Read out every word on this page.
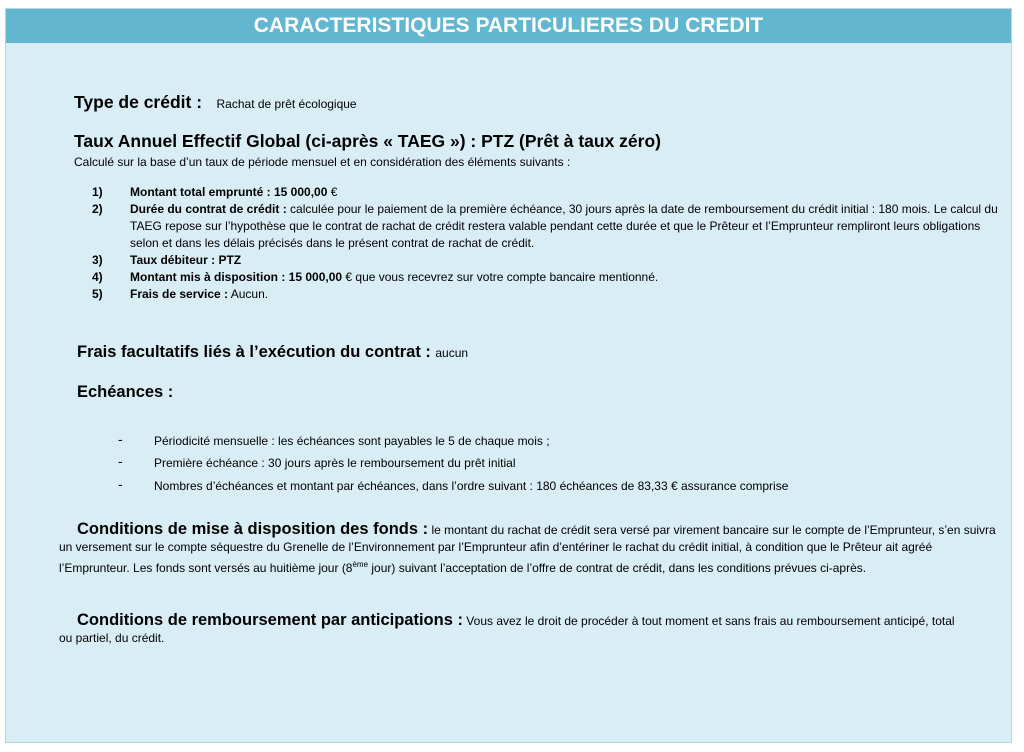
CARACTERISTIQUES PARTICULIERES DU CREDIT
Type de crédit : Rachat de prêt écologique
Taux Annuel Effectif Global (ci-après « TAEG ») : PTZ (Prêt à taux zéro)
Calculé sur la base d’un taux de période mensuel et en considération des éléments suivants :
1) Montant total emprunté : 15 000,00 €
2) Durée du contrat de crédit : calculée pour le paiement de la première échéance, 30 jours après la date de remboursement du crédit initial : 180 mois. Le calcul du TAEG repose sur l’hypothèse que le contrat de rachat de crédit restera valable pendant cette durée et que le Prêteur et l’Emprunteur rempliront leurs obligations selon et dans les délais précisés dans le présent contrat de rachat de crédit.
3) Taux débiteur : PTZ
4) Montant mis à disposition : 15 000,00 € que vous recevrez sur votre compte bancaire mentionné.
5) Frais de service : Aucun.
Frais facultatifs liés à l’exécution du contrat : aucun
Echéances :
-	Périodicité mensuelle : les échéances sont payables le 5 de chaque mois ;
-	Première échéance : 30 jours après le remboursement du prêt initial
-	Nombres d’échéances et montant par échéances, dans l’ordre suivant : 180 échéances de 83,33 € assurance comprise
Conditions de mise à disposition des fonds : le montant du rachat de crédit sera versé par virement bancaire sur le compte de l’Emprunteur, s’en suivra un versement sur le compte séquestre du Grenelle de l’Environnement par l’Emprunteur afin d’entériner le rachat du crédit initial, à condition que le Prêteur ait agréé l’Emprunteur. Les fonds sont versés au huitième jour (8ème jour) suivant l’acceptation de l’offre de contrat de crédit, dans les conditions prévues ci-après.
Conditions de remboursement par anticipations : Vous avez le droit de procéder à tout moment et sans frais au remboursement anticipé, total ou partiel, du crédit.
